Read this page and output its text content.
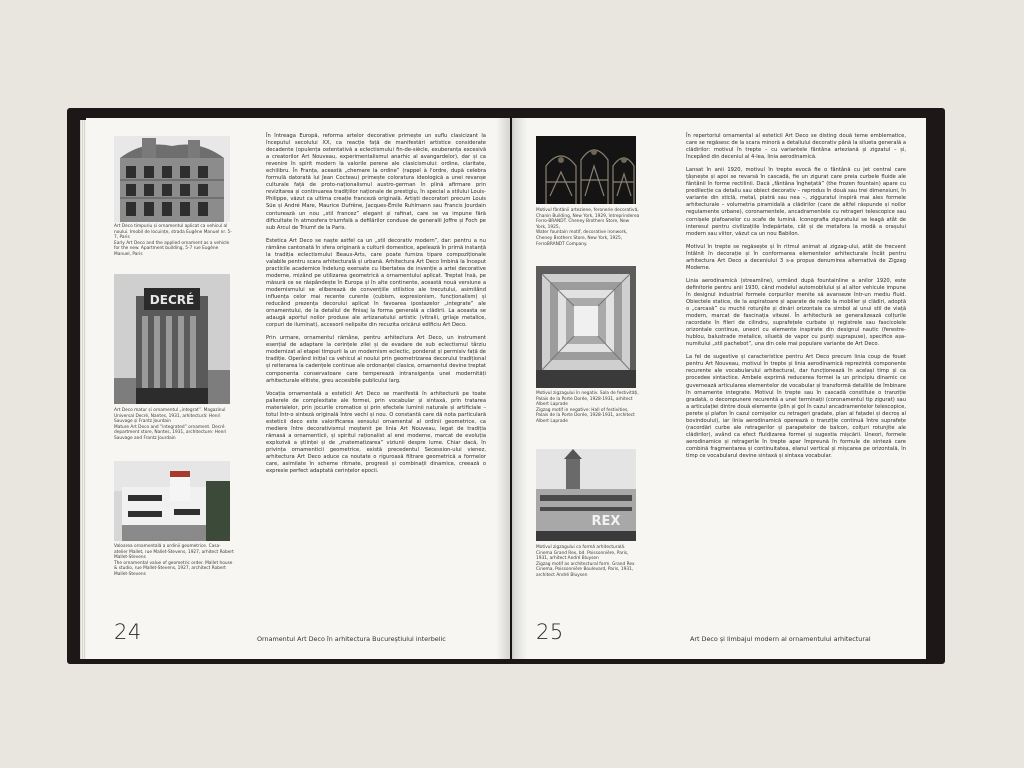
Art Deco timpuriu și ornamentul aplicat ca vehicul al noului. Imobil de locuințe, stradа Eugène Manuel nr. 5-7, Paris

Early Art Deco and the applied ornament as a vehicle for the new. Apartment building, 5-7 rue Eugène Manuel, Paris

DECRÉ

Art Deco matur și ornamentul „integrat”. Magazinul Universal Decré, Nantes, 1931, arhitectură: Henri Sauvage și Frantz Jourdain

Mature Art Deco and “integrated” ornament. Decré department store, Nantes, 1931, architecture: Henri Sauvage and Frantz Jourdain

Valoarea ornamentală a ordinii geometrice. Casa-atelier Mallet, rue Mallet-Stevens, 1927, arhitect Robert Mallet-Stevens

The ornamental value of geometric order. Mallet house & studio, rue Mallet-Stevens, 1927, architect Robert Mallet-Stevens

În întreaga Europă, reforma artelor decorative primește un suflu clasicizant la începutul secolului XX, ca reacție față de manifestări artistice considerate decadente (opulența ostentativă a eclectismului fin-de-siècle, exuberanța excesivă a creatorilor Art Nouveau, experimentalismul anarhic al avangardelor), dar și ca revenire în spirit modern la valorile perene ale clasicismului: ordine, claritate, echilibru. În Franța, această „chemare la ordine” (rappel à l'ordre, după celebra formulă datorată lui Jean Cocteau) primește coloratura ideologică a unei revanșe culturale față de proto-naționalismul austro-german în plină afirmare prin revizitarea și continuarea tradițiilor naționale de prestigiu, în special a stilului Louis-Philippe, văzut ca ultima creație franceză originală. Artiști decoratori precum Louis Süe și André Mare, Maurice Dufrêne, Jacques-Émile Ruhlmann sau Francis Jourdain contureazã un nou „stil francez” elegant și rafinat, care se va impune fără dificultate în atmosfera triumfală a defilărilor conduse de generalii Joffre și Foch pe sub Arcul de Triumf de la Paris.

Estetica Art Deco se naște astfel ca un „stil decorativ modern”, dar: pentru a nu rămâne cantonată în sfera originară a culturii domestice, apelează în primă instanță la tradiția eclectismului Beaux-Arts, care poate furniza tipare compoziționale valabile pentru scara arhitecturală și urbană. Arhitectura Art Deco îmbină la început practicile academice îndelung exersate cu libertatea de invenție a artei decorative moderne, mizând pe utilizarea geometrică a ornamentului aplicat. Treptat însă, pe măsură ce se răspândește în Europa și în alte continente, această nouă versiune a modernismului se eliberează de convențiile stilistice ale trecutului, asimilând influența celor mai recente curente (cubism, expresionism, funcționalism) și reducând prezența decorului aplicat în favoarea ipostazelor „integrate” ale ornamentului, de la detaliul de finisaj la forma generală a clădirii. La aceasta se adaugă aportul noilor produse ale artizanatului artistic (vitralii, grilaje metalice, corpuri de iluminat), accesorii nelipsite din recuzita oricărui edificiu Art Deco.

Prin urmare, ornamentul rămâne, pentru arhitectura Art Deco, un instrument esențial de adaptare la cerințele zilei și de evadare de sub eclectismul târziu modernizat al etapei timpurii la un modernism eclectic, ponderat și permisiv față de tradiție. Operând inițial ca vehicul al noului prin geometrizarea decorului tradițional și reiterarea la cadențele continue ale ordonanței clasice, ornamentul devine treptat componenta conservatoare care temperează intransigența unei modernități arhitecturale elitiste, greu accesibile publicului larg.

Vocația ornamentală a esteticii Art Deco se manifestă în arhitectură pe toate palierele de complexitate ale formei, prin vocabular și sintaxă, prin tratarea materialelor, prin jocurile cromatice și prin efectele luminii naturale și artificiale – totul într-o sinteză originală între vechi și nou. O constantă care dă nota particulară esteticii deco este valorificarea sensului ornamental al ordinii geometrice, ca mediere între decorativismul moștenit pe linia Art Nouveau, legat de tradiția rămasă a ornamenticii, și spiritul raționalist al erei moderne, marcat de evoluția explozivă a științei și de „matematizarea” viziunii despre lume. Chiar dacă, în privința ornamenticii geometrice, există precedentul Secession-ului vienez, arhitectura Art Deco aduce ca noutate o riguroasă filtrare geometrică a formelor care, asimilate în scheme ritmate, progresii și combinații dinamice, creează o expresie perfect adaptată cerințelor epocii.

24	Ornamentul Art Deco în arhitectura Bucureștiului interbelic

Motivul fântânii arteziene, feronerie decorativă, Chanin Building, New York, 1929, întreprinderea Ferro-BRANDT. Cheney Brothers Store, New York, 1925,

Water fountain motif, decorative ironwork, Cheney Brothers Store, New York, 1925, FerroBRANDT Company.

Motivul zigzagului în negativ. Sala de festivități, Palais de la Porte Dorée, 1928-1931, arhitect Albert Laprade

Zigzag motif in negative: Hall of festivities, Palais de la Porte Dorée, 1928-1931, architect Albert Laprade

REX

Motivul zigzagului ca formă arhitecturală. Cinema Grand Rex, bd. Poissonnière, Paris, 1931, arhitect André Bluysen

Zigzag motif as architectural form. Grand Rex Cinema, Poissonnière Boulevard, Paris, 1931, architect André Bluysen

În repertoriul ornamental al esteticii Art Deco se disting două teme emblematice, care se regăsesc de la scara minoră a detaliului decorativ până la silueta generală a clădirilor: motivul în trepte – cu variantele fântâna arteziană și zigzatul – și, începând din deceniul al 4-lea, linia aerodinamică.

Lansat în anii 1920, motivul în trepte evocă fie o fântână cu jet central care țâșnește și apoi se revarsă în cascadă, fie un zigurat care preia curbele fluide ale fântânii în forme rectilinii. Dacă „fântâna înghețată” (the frozen fountain) apare cu predilecție ca detaliu sau obiect decorativ – reprodus în două sau trei dimensiuni, în variante din sticlă, metal, piatră sau nea –, zigguratul inspiră mai ales formele arhitecturale – volumetria piramidală a clădirilor (care de altfel răspunde și noilor regulamente urbane), coronamentele, ancadramentele cu retrageri telescopice sau cornișele plafoanelor cu scafe de lumină. Iconografia ziguratului se leagă atât de interesul pentru civilizațiile îndepărtate, cât și de metafora la modă a orașului modern sau viitor, văzut ca un nou Babilon.

Motivul în trepte se regăsește și în ritmul animat al zigzag-ului, atât de frecvent întâlnit în decorație și în conformarea elementelor arhitecturale încât pentru arhitectura Art Deco a deceniului 3 s-a propus denumirea alternativă de Zigzag Moderne.

Linia aerodinamică (streamline), urmând după fountainline a anilor 1920, este definitorie pentru anii 1930, când modelul automobilului și al altor vehicule impune în designul industrial formele corpurilor menite să avanseze într-un mediu fluid. Obiectele statice, de la aspiratoare și aparate de radio la mobilier și clădiri, adoptă o „carcasă” cu muchii rotunjite și dinări orizontale ca simbol al unui stil de viață modern, marcat de fascinația vitezei. În arhitectură se generalizează colțurile racordate în fileri de cilindru, suprafețele curbate și registrele sau fascicolele orizontale continue, uneori cu elemente inspirate din designul nautic (ferestre-hublou, balustrade metalice, siluetă de vapor cu punți suprapuse), specifice așa-numitului „stil pachebot”, una din cele mai populare variante de Art Deco.

La fel de sugestive și caracteristice pentru Art Deco precum linia coup de fouet pentru Art Nouveau, motivul în trepte și linia aerodinamică reprezintă componente recurente ale vocabularului arhitectural, dar funcționează în același timp și ca procedee sintactice. Ambele exprimă reducerea formei la un principiu dinamic ce guvernează articularea elementelor de vocabular și transformă detaliile de îmbinare în ornamente integrate. Motivul în trepte sau în cascadă constituie o tranziție gradată, o decompunere recurentă a unei terminații (coronamentul tip zigurat) sau a articulației dintre două elemente (plin și gol în cazul ancadramentelor telescopice, perete și plafon în cazul cornișelor cu retrageri gradate, plan al fațadei și decroș al bovindoului), iar linia aerodinamică operează o tranziție continuă între suprafețe (racordări curbe ale retragerilor și parapetelor de balcon, colțuri rotunjite ale clădirilor), având ca efect fluidizarea formei și sugestia mișcării. Uneori, formele aerodinamice și retragerile în trepte apar împreună în formule de sinteză care combină fragmentarea și continuitatea, elanul vertical și mișcarea pe orizontală, în timp ce vocabularul devine sintaxă și sintaxa vocabular.

25	Art Deco și limbajul modern al ornamentului arhitectural
